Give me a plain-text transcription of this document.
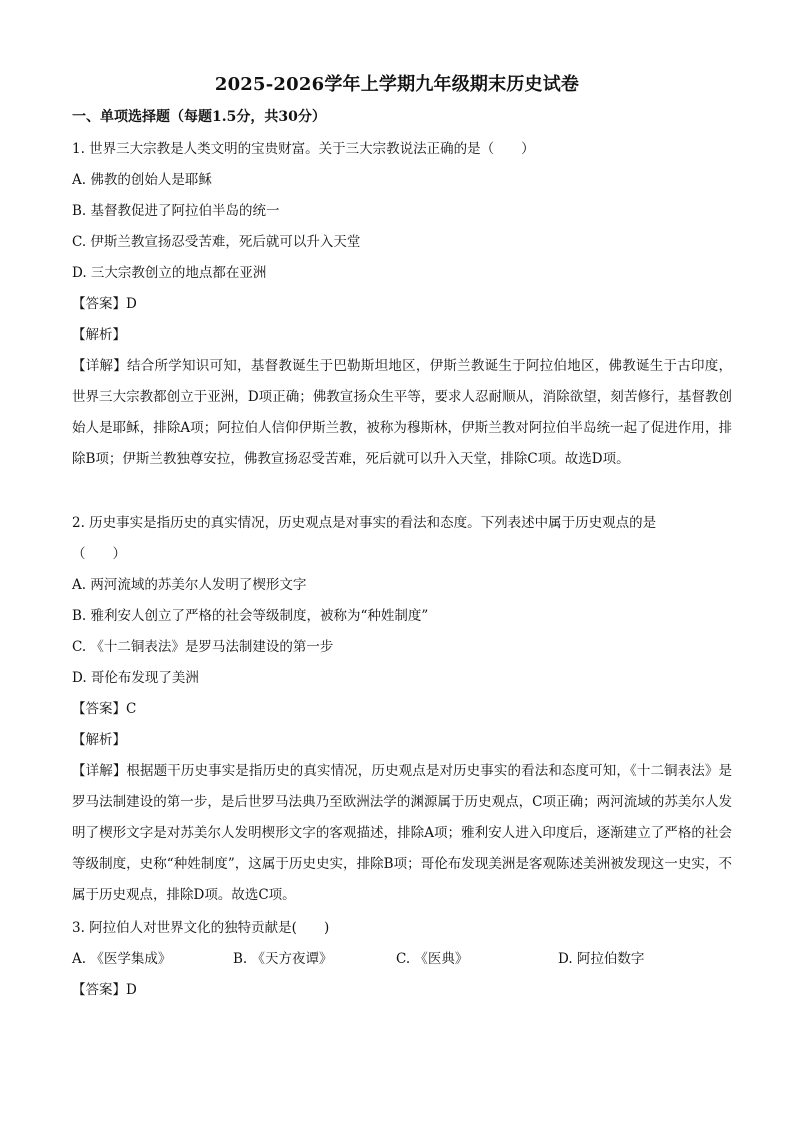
2025-2026学年上学期九年级期末历史试卷
一、单项选择题（每题1.5分，共30分）
1. 世界三大宗教是人类文明的宝贵财富。关于三大宗教说法正确的是（　　）
A. 佛教的创始人是耶稣
B. 基督教促进了阿拉伯半岛的统一
C. 伊斯兰教宣扬忍受苦难，死后就可以升入天堂
D. 三大宗教创立的地点都在亚洲
【答案】D
【解析】
【详解】结合所学知识可知，基督教诞生于巴勒斯坦地区，伊斯兰教诞生于阿拉伯地区，佛教诞生于古印度，世界三大宗教都创立于亚洲，D项正确；佛教宣扬众生平等，要求人忍耐顺从，消除欲望，刻苦修行，基督教创始人是耶稣，排除A项；阿拉伯人信仰伊斯兰教，被称为穆斯林，伊斯兰教对阿拉伯半岛统一起了促进作用，排除B项；伊斯兰教独尊安拉，佛教宣扬忍受苦难，死后就可以升入天堂，排除C项。故选D项。
2. 历史事实是指历史的真实情况，历史观点是对事实的看法和态度。下列表述中属于历史观点的是
（　　）
A. 两河流域的苏美尔人发明了楔形文字
B. 雅利安人创立了严格的社会等级制度，被称为“种姓制度”
C. 《十二铜表法》是罗马法制建设的第一步
D. 哥伦布发现了美洲
【答案】C
【解析】
【详解】根据题干历史事实是指历史的真实情况，历史观点是对历史事实的看法和态度可知，《十二铜表法》是罗马法制建设的第一步，是后世罗马法典乃至欧洲法学的渊源属于历史观点，C项正确；两河流域的苏美尔人发明了楔形文字是对苏美尔人发明楔形文字的客观描述，排除A项；雅利安人进入印度后，逐渐建立了严格的社会等级制度，史称“种姓制度”，这属于历史史实，排除B项；哥伦布发现美洲是客观陈述美洲被发现这一史实，不属于历史观点，排除D项。故选C项。
3. 阿拉伯人对世界文化的独特贡献是(　　)
A. 《医学集成》	B. 《天方夜谭》	C. 《医典》	D. 阿拉伯数字
【答案】D
